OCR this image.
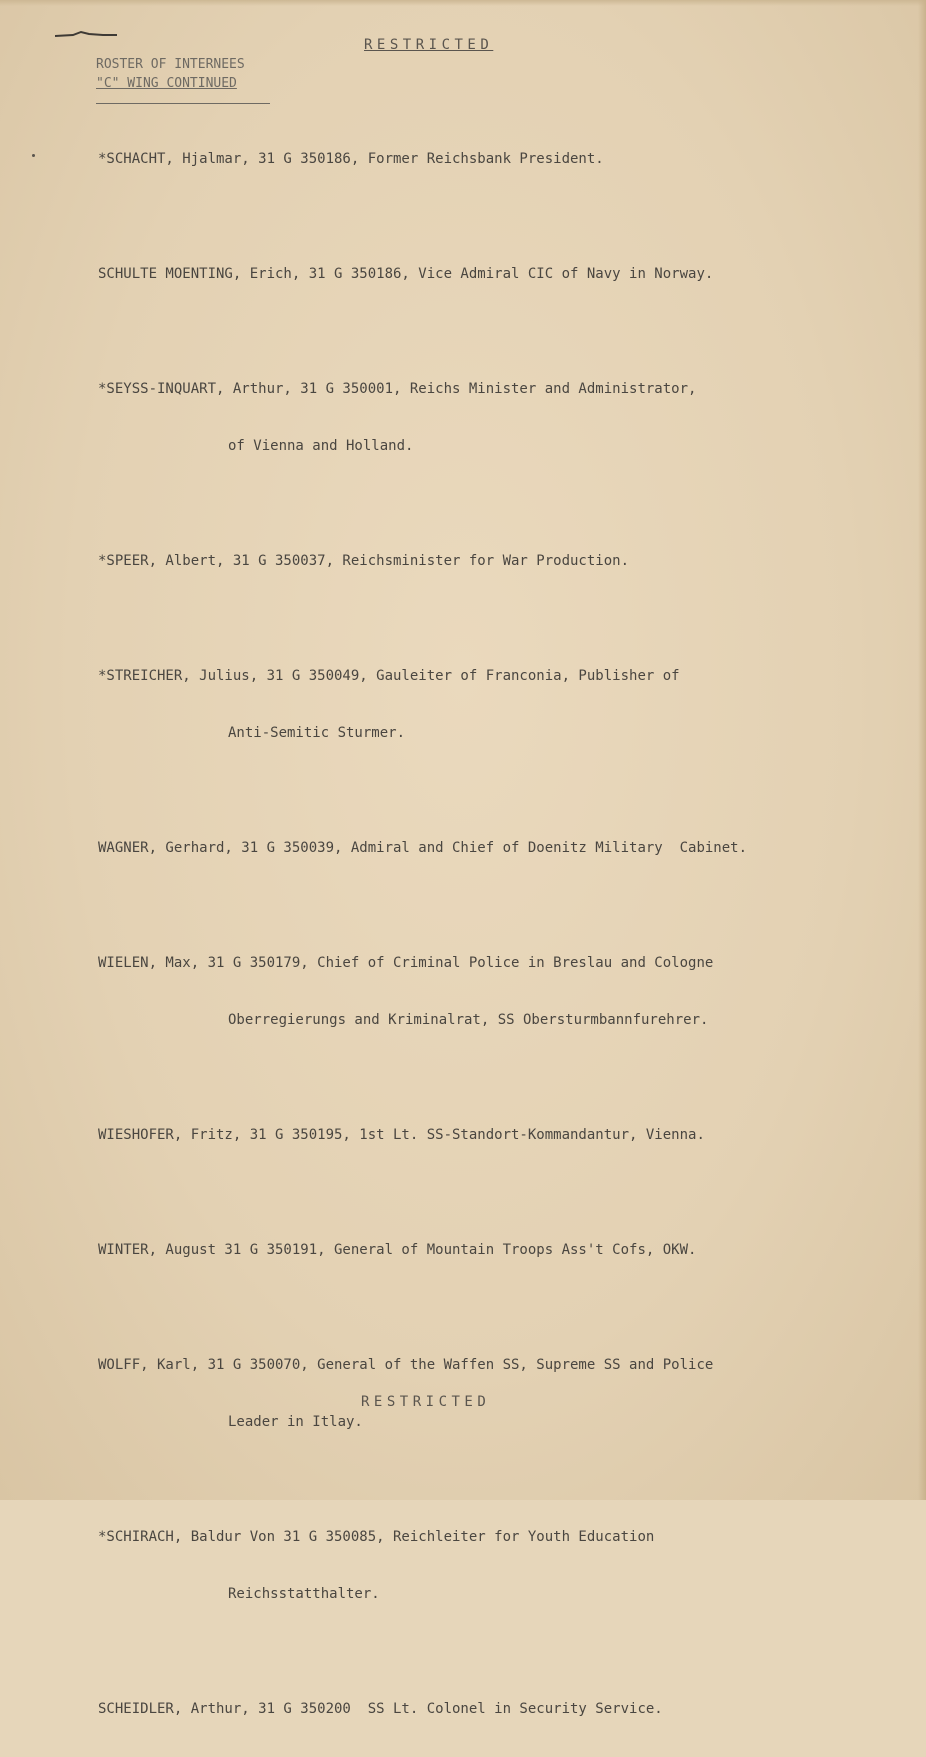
RESTRICTED
ROSTER OF INTERNEES
"C" WING CONTINUED

*SCHACHT, Hjalmar, 31 G 350186, Former Reichsbank President.

SCHULTE MOENTING, Erich, 31 G 350186, Vice Admiral CIC of Navy in Norway.

*SEYSS-INQUART, Arthur, 31 G 350001, Reichs Minister and Administrator,

of Vienna and Holland.

*SPEER, Albert, 31 G 350037, Reichsminister for War Production.

*STREICHER, Julius, 31 G 350049, Gauleiter of Franconia, Publisher of

Anti-Semitic Sturmer.

WAGNER, Gerhard, 31 G 350039, Admiral and Chief of Doenitz Military  Cabinet.

WIELEN, Max, 31 G 350179, Chief of Criminal Police in Breslau and Cologne

Oberregierungs and Kriminalrat, SS Obersturmbannfurehrer.

WIESHOFER, Fritz, 31 G 350195, 1st Lt. SS-Standort-Kommandantur, Vienna.

WINTER, August 31 G 350191, General of Mountain Troops Ass't Cofs, OKW.

WOLFF, Karl, 31 G 350070, General of the Waffen SS, Supreme SS and Police

Leader in Itlay.

*SCHIRACH, Baldur Von 31 G 350085, Reichleiter for Youth Education

Reichsstatthalter.

SCHEIDLER, Arthur, 31 G 350200  SS Lt. Colonel in Security Service.

RESTRICTED
